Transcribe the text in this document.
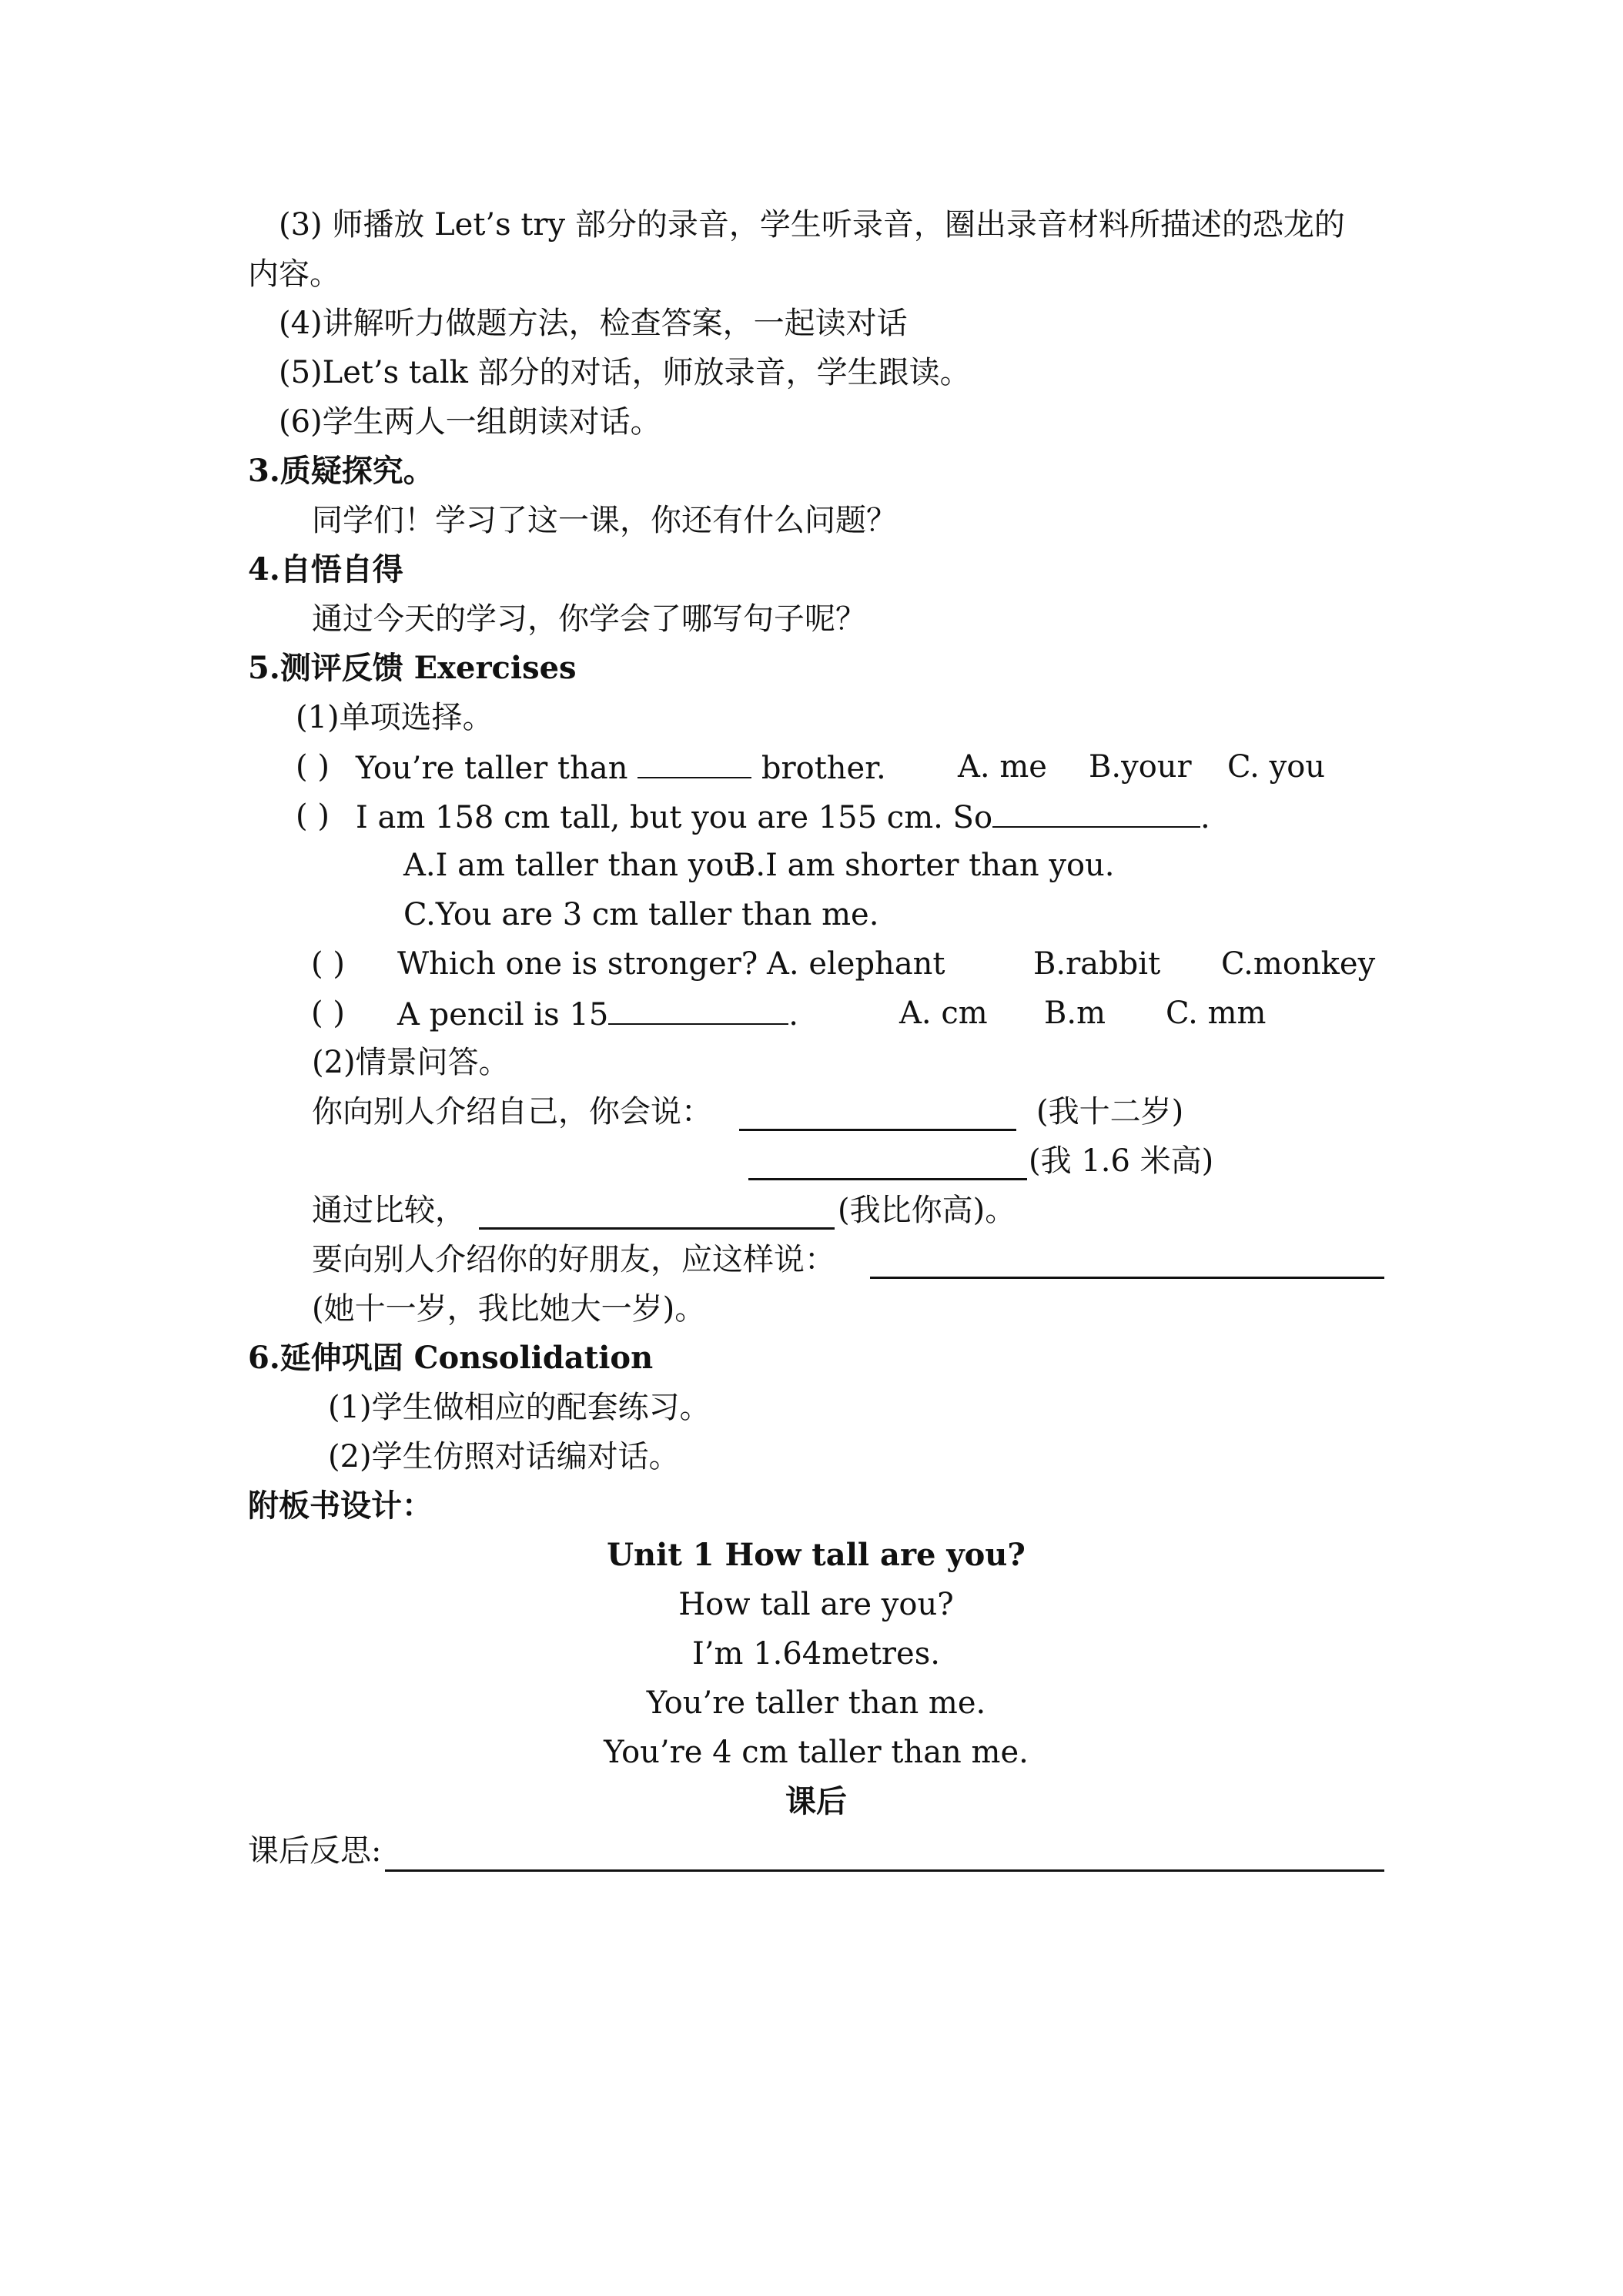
(3) 师播放 Let’s try 部分的录音，学生听录音，圈出录音材料所描述的恐龙的
内容。
(4)讲解听力做题方法，检查答案，一起读对话
(5)Let’s talk 部分的对话，师放录音，学生跟读。
(6)学生两人一组朗读对话。
3.质疑探究。
同学们！学习了这一课，你还有什么问题？
4.自悟自得
通过今天的学习，你学会了哪写句子呢？
5.测评反馈 Exercises
(1)单项选择。
( ) You’re taller than	brother. A. me B.your C. you
( ) I am 158 cm tall, but you are 155 cm. So	.
A.I am taller than you.
B.I am shorter than you.
C.You are 3 cm taller than me.
( ) Which one is stronger? A. elephant	B.rabbit C.monkey
( ) A pencil is 15	.	A. cm B.m C. mm
(2)情景问答。
你向别人介绍自己，你会说：	(我十二岁)
(我 1.6 米高)
通过比较，	(我比你高)。
要向别人介绍你的好朋友，应这样说：
(她十一岁，我比她大一岁)。
6.延伸巩固 Consolidation
(1)学生做相应的配套练习。
(2)学生仿照对话编对话。
附板书设计：
Unit 1 How tall are you?
How tall are you?
I’m 1.64metres.
You’re taller than me.
You’re 4 cm taller than me.
课后
课后反思:
